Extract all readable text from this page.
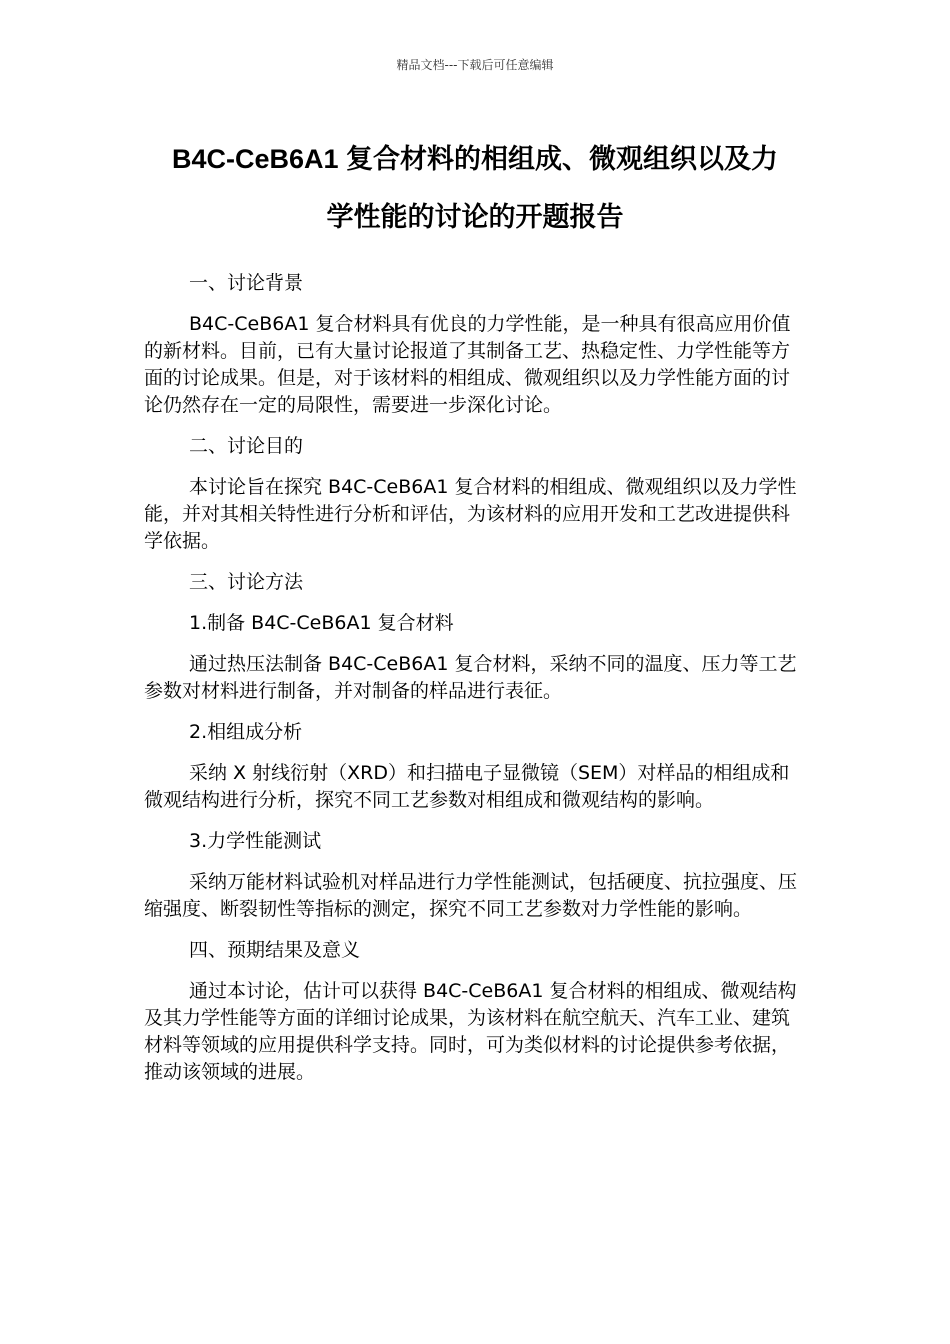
精品文档---下载后可任意编辑
B4C-CeB6A1 复合材料的相组成、微观组织以及力
学性能的讨论的开题报告

一、讨论背景

B4C-CeB6A1 复合材料具有优良的力学性能，是一种具有很高应用价值的新材料。目前，已有大量讨论报道了其制备工艺、热稳定性、力学性能等方面的讨论成果。但是，对于该材料的相组成、微观组织以及力学性能方面的讨论仍然存在一定的局限性，需要进一步深化讨论。

二、讨论目的

本讨论旨在探究 B4C-CeB6A1 复合材料的相组成、微观组织以及力学性能，并对其相关特性进行分析和评估，为该材料的应用开发和工艺改进提供科学依据。

三、讨论方法

1.制备 B4C-CeB6A1 复合材料

通过热压法制备 B4C-CeB6A1 复合材料，采纳不同的温度、压力等工艺参数对材料进行制备，并对制备的样品进行表征。

2.相组成分析

采纳 X 射线衍射（XRD）和扫描电子显微镜（SEM）对样品的相组成和微观结构进行分析，探究不同工艺参数对相组成和微观结构的影响。

3.力学性能测试

采纳万能材料试验机对样品进行力学性能测试，包括硬度、抗拉强度、压缩强度、断裂韧性等指标的测定，探究不同工艺参数对力学性能的影响。

四、预期结果及意义

通过本讨论，估计可以获得 B4C-CeB6A1 复合材料的相组成、微观结构及其力学性能等方面的详细讨论成果，为该材料在航空航天、汽车工业、建筑材料等领域的应用提供科学支持。同时，可为类似材料的讨论提供参考依据，推动该领域的进展。
